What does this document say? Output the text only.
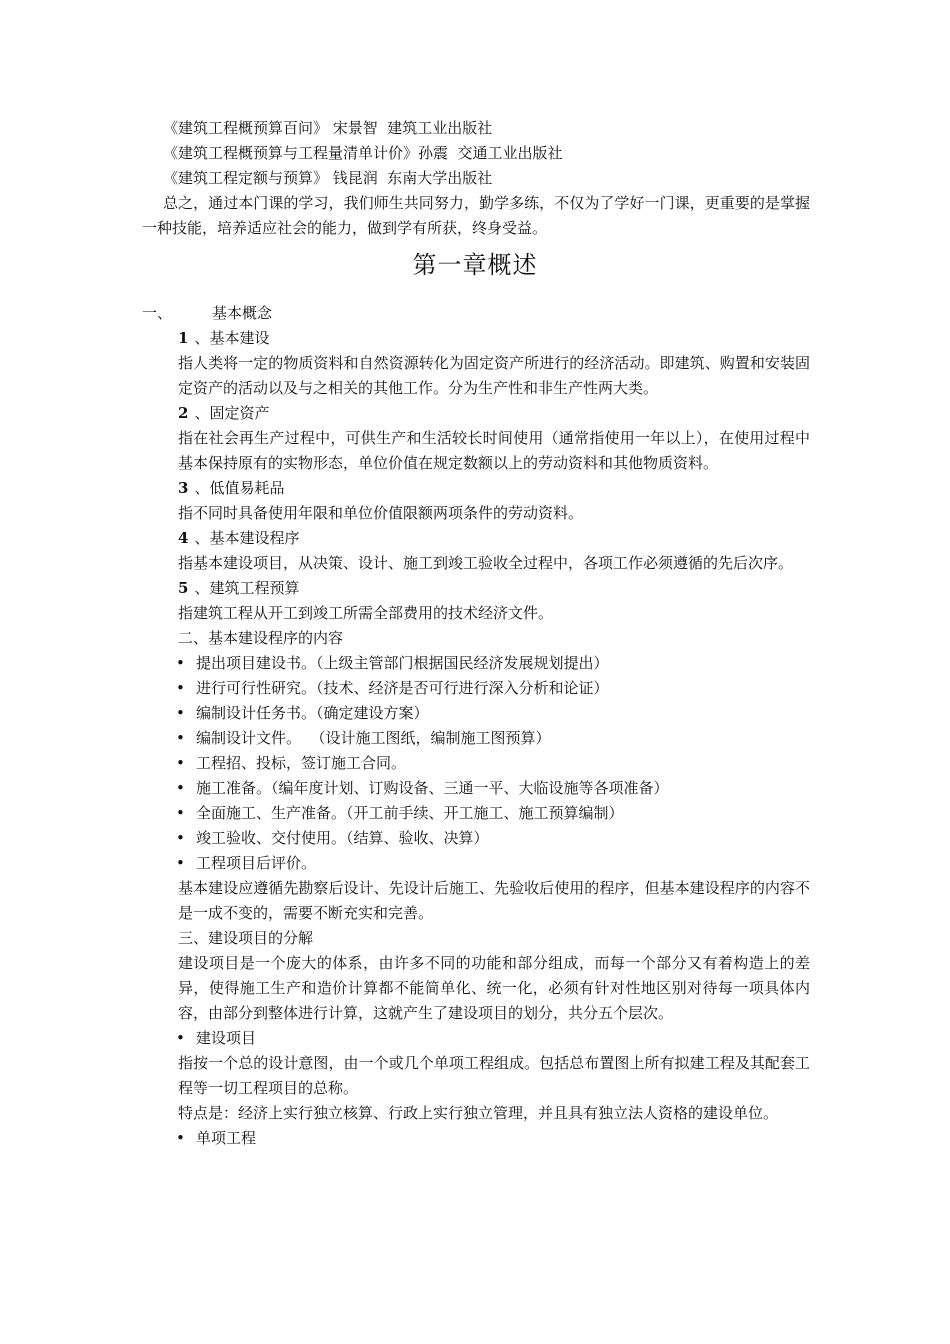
《建筑工程概预算百问》 宋景智  建筑工业出版社
《建筑工程概预算与工程量清单计价》孙震  交通工业出版社
《建筑工程定额与预算》 钱昆润  东南大学出版社

总之，通过本门课的学习，我们师生共同努力，勤学多练，不仅为了学好一门课，更重要的是掌握一种技能，培养适应社会的能力，做到学有所获，终身受益。

第一章概述
一、	基本概念
1 、基本建设

指人类将一定的物质资料和自然资源转化为固定资产所进行的经济活动。即建筑、购置和安装固定资产的活动以及与之相关的其他工作。分为生产性和非生产性两大类。

2 、固定资产

指在社会再生产过程中，可供生产和生活较长时间使用（通常指使用一年以上），在使用过程中基本保持原有的实物形态，单位价值在规定数额以上的劳动资料和其他物质资料。

3 、低值易耗品

指不同时具备使用年限和单位价值限额两项条件的劳动资料。

4 、基本建设程序

指基本建设项目，从决策、设计、施工到竣工验收全过程中，各项工作必须遵循的先后次序。

5 、建筑工程预算

指建筑工程从开工到竣工所需全部费用的技术经济文件。

二、基本建设程序的内容
• 提出项目建设书。（上级主管部门根据国民经济发展规划提出）
• 进行可行性研究。（技术、经济是否可行进行深入分析和论证）
• 编制设计任务书。（确定建设方案）
• 编制设计文件。  （设计施工图纸，编制施工图预算）
• 工程招、投标，签订施工合同。
• 施工准备。（编年度计划、订购设备、三通一平、大临设施等各项准备）
• 全面施工、生产准备。（开工前手续、开工施工、施工预算编制）
• 竣工验收、交付使用。（结算、验收、决算）
• 工程项目后评价。

基本建设应遵循先勘察后设计、先设计后施工、先验收后使用的程序，但基本建设程序的内容不是一成不变的，需要不断充实和完善。

三、建设项目的分解

建设项目是一个庞大的体系，由许多不同的功能和部分组成，而每一个部分又有着构造上的差异，使得施工生产和造价计算都不能简单化、统一化，必须有针对性地区别对待每一项具体内容，由部分到整体进行计算，这就产生了建设项目的划分，共分五个层次。

• 建设项目

指按一个总的设计意图，由一个或几个单项工程组成。包括总布置图上所有拟建工程及其配套工程等一切工程项目的总称。

特点是：经济上实行独立核算、行政上实行独立管理，并且具有独立法人资格的建设单位。

• 单项工程
